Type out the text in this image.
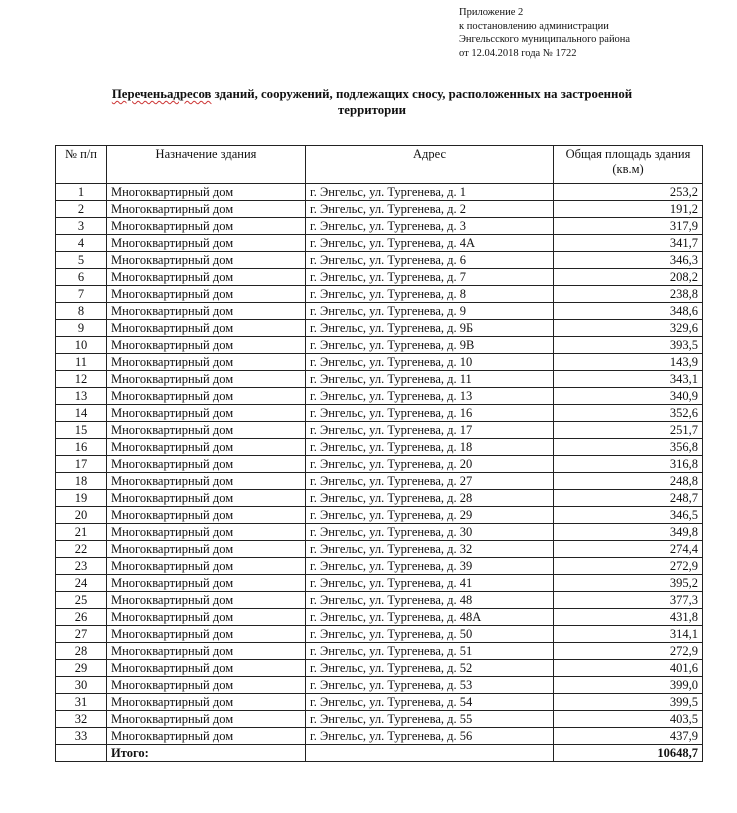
Приложение 2
к постановлению администрации
Энгельсского муниципального района
от 12.04.2018 года № 1722
Переченьадресов зданий, сооружений, подлежащих сносу, расположенных на застроенной
территории
№ п/п	Назначение здания	Адрес	Общая площадь здания (кв.м)
1	Многоквартирный дом	г. Энгельс, ул. Тургенева, д. 1	253,2
2	Многоквартирный дом	г. Энгельс, ул. Тургенева, д. 2	191,2
3	Многоквартирный дом	г. Энгельс, ул. Тургенева, д. 3	317,9
4	Многоквартирный дом	г. Энгельс, ул. Тургенева, д. 4А	341,7
5	Многоквартирный дом	г. Энгельс, ул. Тургенева, д. 6	346,3
6	Многоквартирный дом	г. Энгельс, ул. Тургенева, д. 7	208,2
7	Многоквартирный дом	г. Энгельс, ул. Тургенева, д. 8	238,8
8	Многоквартирный дом	г. Энгельс, ул. Тургенева, д. 9	348,6
9	Многоквартирный дом	г. Энгельс, ул. Тургенева, д. 9Б	329,6
10	Многоквартирный дом	г. Энгельс, ул. Тургенева, д. 9В	393,5
11	Многоквартирный дом	г. Энгельс, ул. Тургенева, д. 10	143,9
12	Многоквартирный дом	г. Энгельс, ул. Тургенева, д. 11	343,1
13	Многоквартирный дом	г. Энгельс, ул. Тургенева, д. 13	340,9
14	Многоквартирный дом	г. Энгельс, ул. Тургенева, д. 16	352,6
15	Многоквартирный дом	г. Энгельс, ул. Тургенева, д. 17	251,7
16	Многоквартирный дом	г. Энгельс, ул. Тургенева, д. 18	356,8
17	Многоквартирный дом	г. Энгельс, ул. Тургенева, д. 20	316,8
18	Многоквартирный дом	г. Энгельс, ул. Тургенева, д. 27	248,8
19	Многоквартирный дом	г. Энгельс, ул. Тургенева, д. 28	248,7
20	Многоквартирный дом	г. Энгельс, ул. Тургенева, д. 29	346,5
21	Многоквартирный дом	г. Энгельс, ул. Тургенева, д. 30	349,8
22	Многоквартирный дом	г. Энгельс, ул. Тургенева, д. 32	274,4
23	Многоквартирный дом	г. Энгельс, ул. Тургенева, д. 39	272,9
24	Многоквартирный дом	г. Энгельс, ул. Тургенева, д. 41	395,2
25	Многоквартирный дом	г. Энгельс, ул. Тургенева, д. 48	377,3
26	Многоквартирный дом	г. Энгельс, ул. Тургенева, д. 48А	431,8
27	Многоквартирный дом	г. Энгельс, ул. Тургенева, д. 50	314,1
28	Многоквартирный дом	г. Энгельс, ул. Тургенева, д. 51	272,9
29	Многоквартирный дом	г. Энгельс, ул. Тургенева, д. 52	401,6
30	Многоквартирный дом	г. Энгельс, ул. Тургенева, д. 53	399,0
31	Многоквартирный дом	г. Энгельс, ул. Тургенева, д. 54	399,5
32	Многоквартирный дом	г. Энгельс, ул. Тургенева, д. 55	403,5
33	Многоквартирный дом	г. Энгельс, ул. Тургенева, д. 56	437,9
	Итого:		10648,7
